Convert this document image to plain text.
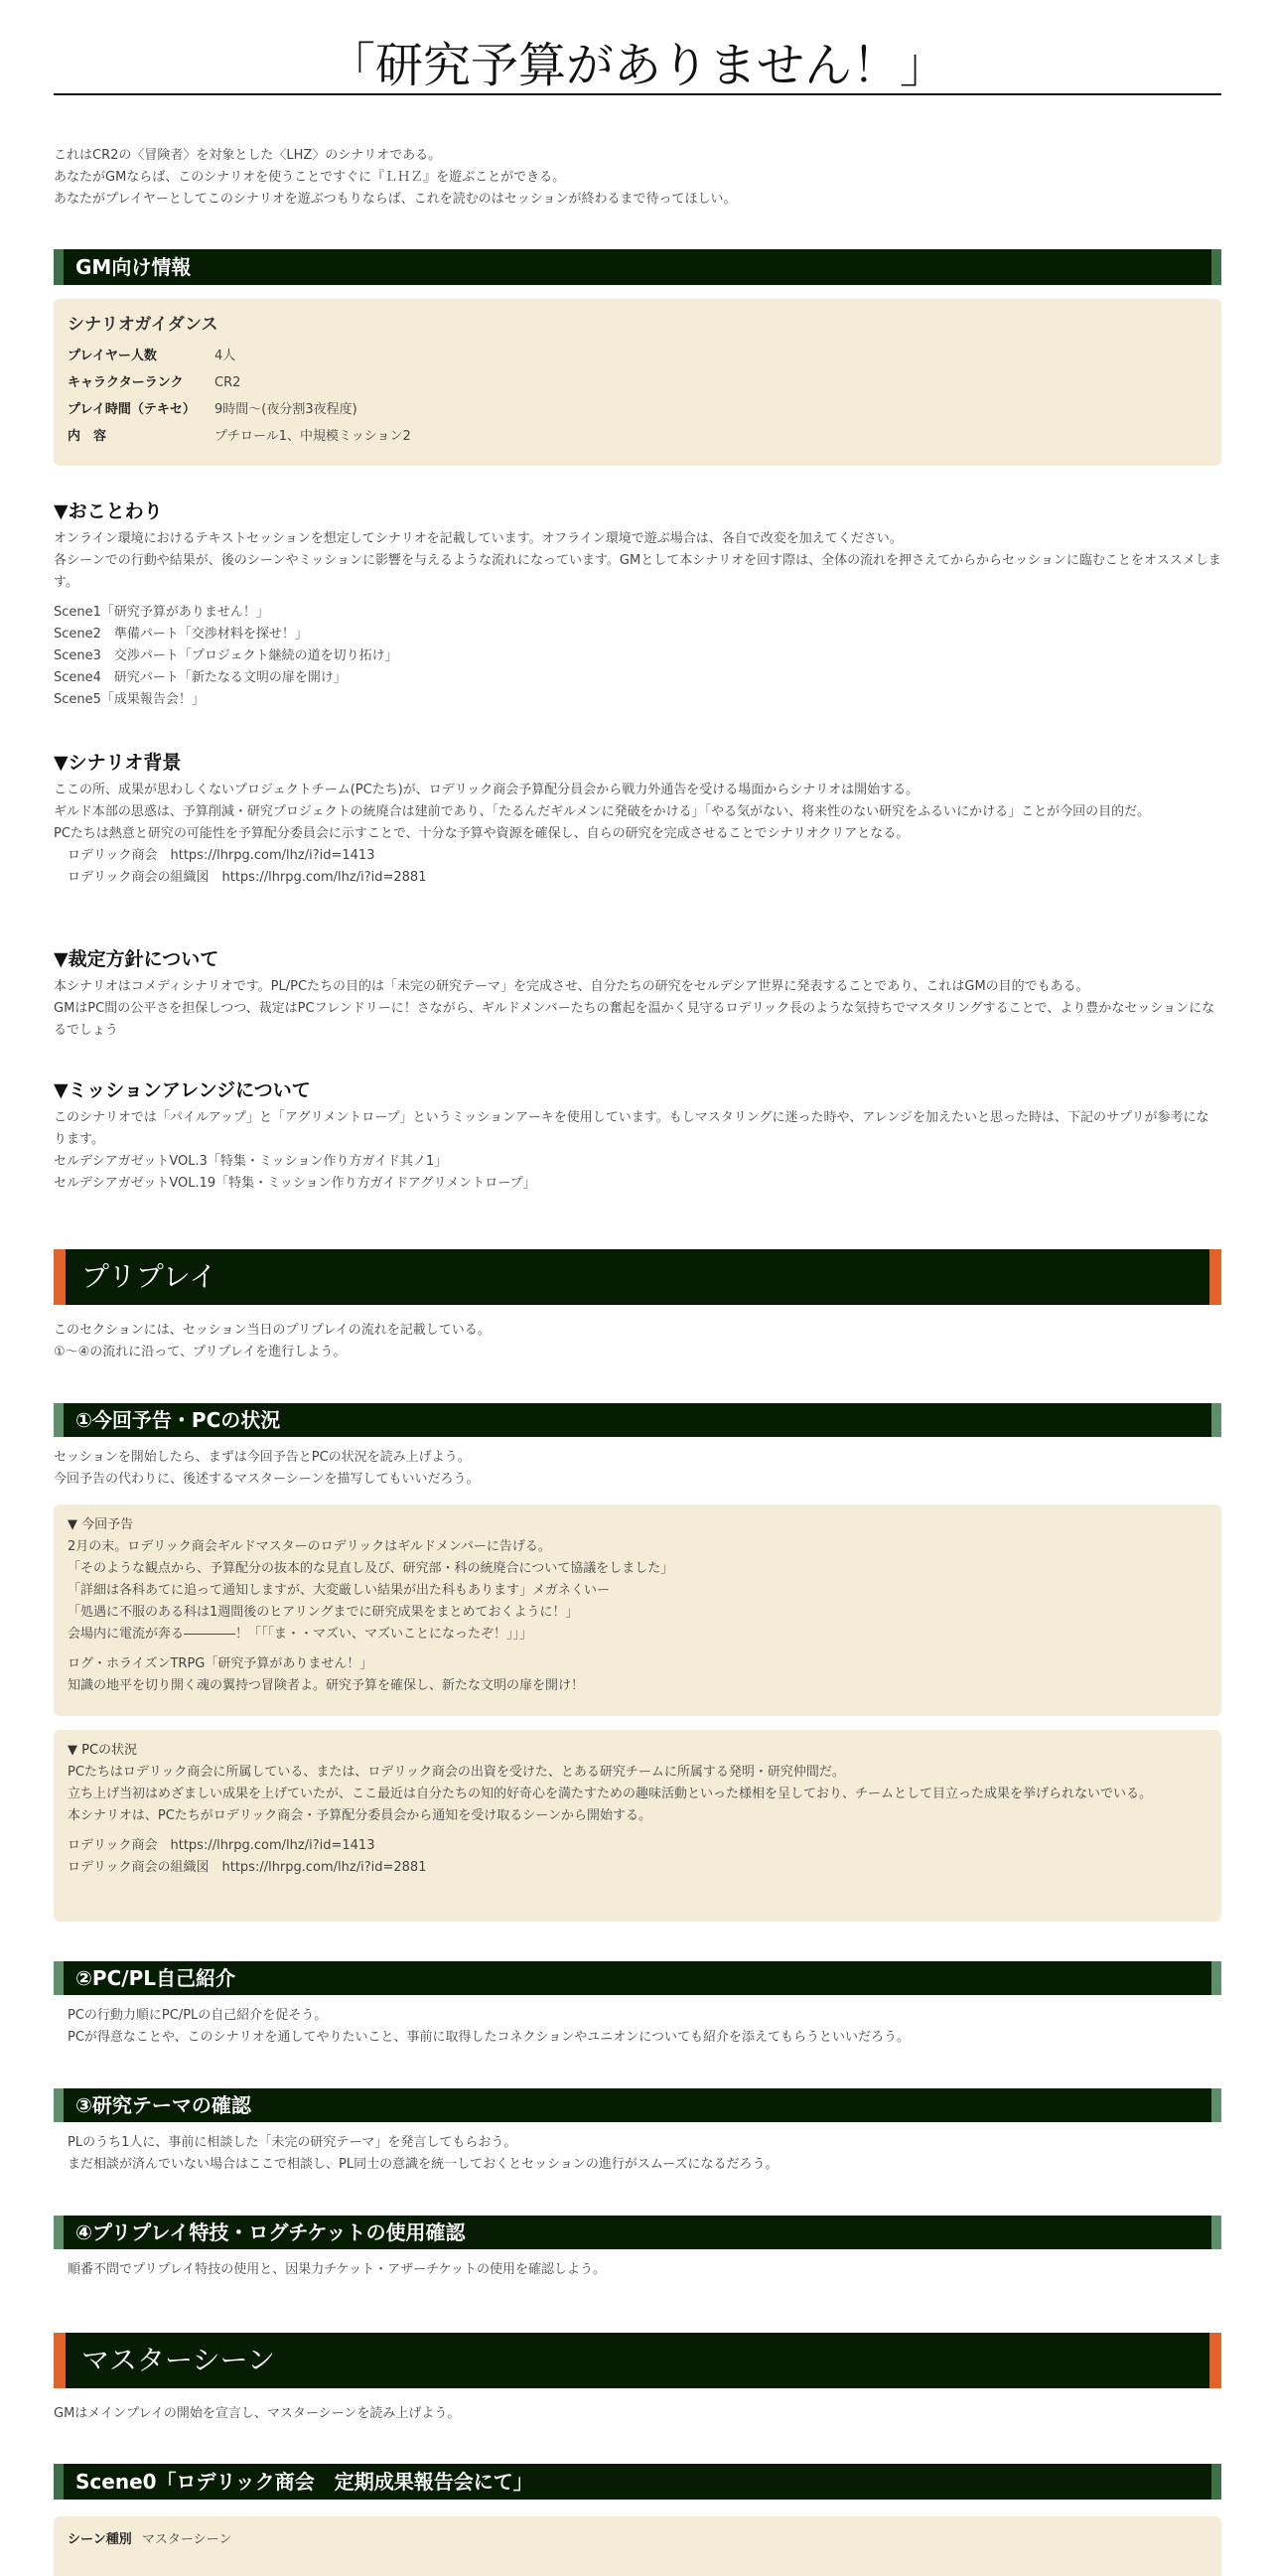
「研究予算がありません！」
これはCR2の〈冒険者〉を対象とした〈LHZ〉のシナリオである。
あなたがGMならば、このシナリオを使うことですぐに『ＬＨＺ』を遊ぶことができる。
あなたがプレイヤーとしてこのシナリオを遊ぶつもりならば、これを読むのはセッションが終わるまで待ってほしい。
GM向け情報
シナリオガイダンス
プレイヤー人数	4人
キャラクターランク	CR2
プレイ時間（テキセ）	9時間～(夜分割3夜程度)
内　容	プチロール1、中規模ミッション2
▼おことわり
オンライン環境におけるテキストセッションを想定してシナリオを記載しています。オフライン環境で遊ぶ場合は、各自で改変を加えてください。
各シーンでの行動や結果が、後のシーンやミッションに影響を与えるような流れになっています。GMとして本シナリオを回す際は、全体の流れを押さえてからからセッションに臨むことをオススメします。
Scene1「研究予算がありません！」
Scene2　準備パート「交渉材料を探せ！」
Scene3　交渉パート「プロジェクト継続の道を切り拓け」
Scene4　研究パート「新たなる文明の扉を開け」
Scene5「成果報告会！」
▼シナリオ背景
ここの所、成果が思わしくないプロジェクトチーム(PCたち)が、ロデリック商会予算配分員会から戦力外通告を受ける場面からシナリオは開始する。
ギルド本部の思惑は、予算削減・研究プロジェクトの統廃合は建前であり、「たるんだギルメンに発破をかける」「やる気がない、将来性のない研究をふるいにかける」ことが今回の目的だ。
PCたちは熱意と研究の可能性を予算配分委員会に示すことで、十分な予算や資源を確保し、自らの研究を完成させることでシナリオクリアとなる。
ロデリック商会　https://lhrpg.com/lhz/i?id=1413
ロデリック商会の組織図　https://lhrpg.com/lhz/i?id=2881
▼裁定方針について
本シナリオはコメディシナリオです。PL/PCたちの目的は「未完の研究テーマ」を完成させ、自分たちの研究をセルデシア世界に発表することであり、これはGMの目的でもある。
GMはPC間の公平さを担保しつつ、裁定はPCフレンドリーに！さながら、ギルドメンバーたちの奮起を温かく見守るロデリック長のような気持ちでマスタリングすることで、より豊かなセッションになるでしょう
▼ミッションアレンジについて
このシナリオでは「パイルアップ」と「アグリメントロープ」というミッションアーキを使用しています。もしマスタリングに迷った時や、アレンジを加えたいと思った時は、下記のサプリが参考になります。
セルデシアガゼットVOL.3「特集・ミッション作り方ガイド其ノ1」
セルデシアガゼットVOL.19「特集・ミッション作り方ガイドアグリメントロープ」
プリプレイ
このセクションには、セッション当日のプリプレイの流れを記載している。
①～④の流れに沿って、プリプレイを進行しよう。
①今回予告・PCの状況
セッションを開始したら、まずは今回予告とPCの状況を読み上げよう。
今回予告の代わりに、後述するマスターシーンを描写してもいいだろう。
▼ 今回予告
2月の末。ロデリック商会ギルドマスターのロデリックはギルドメンバーに告げる。
「そのような観点から、予算配分の抜本的な見直し及び、研究部・科の統廃合について協議をしました」
「詳細は各科あてに追って通知しますが、大変厳しい結果が出た科もあります」メガネくいー
「処遇に不服のある科は1週間後のヒアリングまでに研究成果をまとめておくように！」
会場内に電流が奔る――――！「「「ま・・マズい、マズいことになったぞ！」」」
ログ・ホライズンTRPG「研究予算がありません！」
知識の地平を切り開く魂の翼持つ冒険者よ。研究予算を確保し、新たな文明の扉を開け！
▼ PCの状況
PCたちはロデリック商会に所属している、または、ロデリック商会の出資を受けた、とある研究チームに所属する発明・研究仲間だ。
立ち上げ当初はめざましい成果を上げていたが、ここ最近は自分たちの知的好奇心を満たすための趣味活動といった様相を呈しており、チームとして目立った成果を挙げられないでいる。
本シナリオは、PCたちがロデリック商会・予算配分委員会から通知を受け取るシーンから開始する。
ロデリック商会　https://lhrpg.com/lhz/i?id=1413
ロデリック商会の組織図　https://lhrpg.com/lhz/i?id=2881
②PC/PL自己紹介
PCの行動力順にPC/PLの自己紹介を促そう。
PCが得意なことや、このシナリオを通してやりたいこと、事前に取得したコネクションやユニオンについても紹介を添えてもらうといいだろう。
③研究テーマの確認
PLのうち1人に、事前に相談した「未完の研究テーマ」を発言してもらおう。
まだ相談が済んでいない場合はここで相談し、PL同士の意識を統一しておくとセッションの進行がスムーズになるだろう。
④プリプレイ特技・ログチケットの使用確認
順番不問でプリプレイ特技の使用と、因果力チケット・アザーチケットの使用を確認しよう。
マスターシーン
GMはメインプレイの開始を宣言し、マスターシーンを読み上げよう。
Scene0「ロデリック商会　定期成果報告会にて」
シーン種別 マスターシーン
